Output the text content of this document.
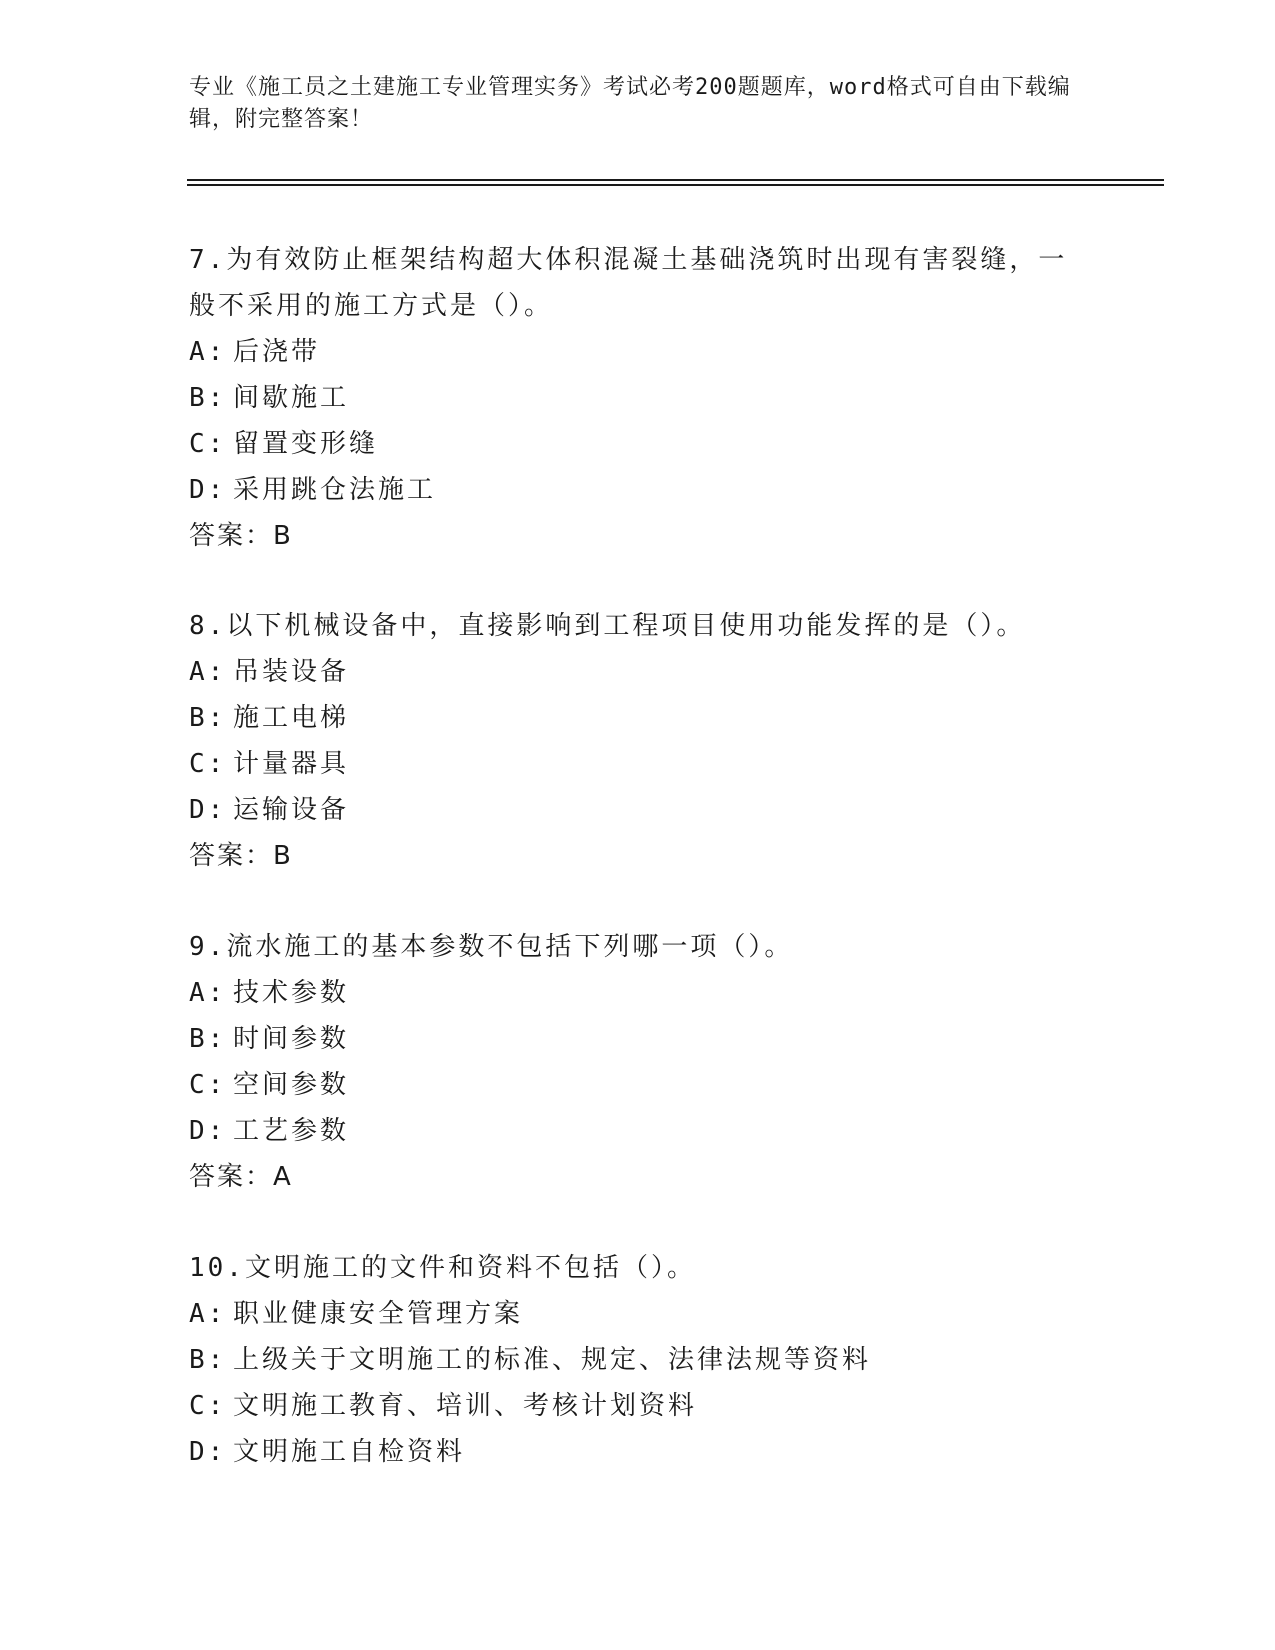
专业《施工员之土建施工专业管理实务》考试必考200题题库，word格式可自由下载编辑，附完整答案！

7.为有效防止框架结构超大体积混凝土基础浇筑时出现有害裂缝，一般不采用的施工方式是（）。

A: 后浇带

B: 间歇施工

C: 留置变形缝

D: 采用跳仓法施工

答案：B

8.以下机械设备中，直接影响到工程项目使用功能发挥的是（）。

A: 吊装设备

B: 施工电梯

C: 计量器具

D: 运输设备

答案：B

9.流水施工的基本参数不包括下列哪一项（）。

A: 技术参数

B: 时间参数

C: 空间参数

D: 工艺参数

答案：A

10.文明施工的文件和资料不包括（）。

A: 职业健康安全管理方案

B: 上级关于文明施工的标准、规定、法律法规等资料

C: 文明施工教育、培训、考核计划资料

D: 文明施工自检资料
